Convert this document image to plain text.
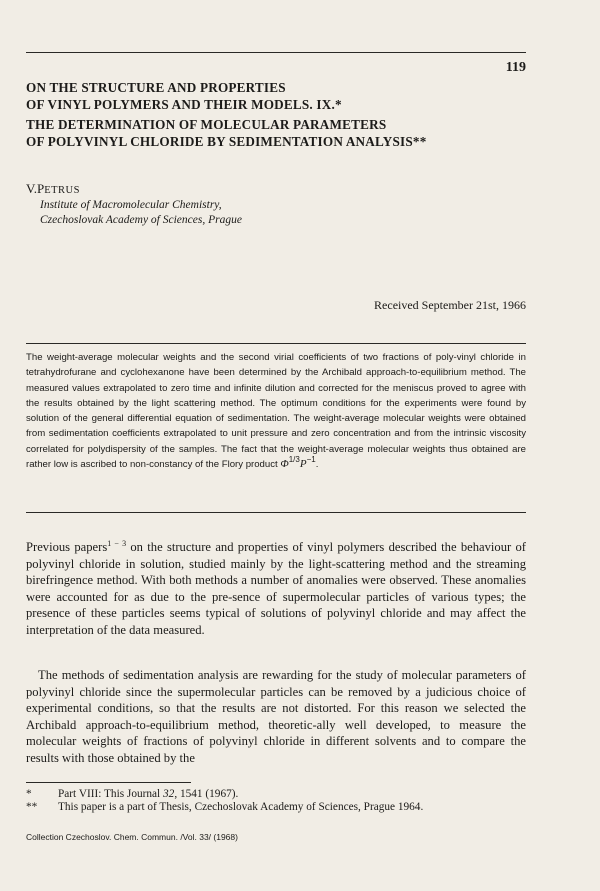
119
ON THE STRUCTURE AND PROPERTIES
OF VINYL POLYMERS AND THEIR MODELS. IX.*
THE DETERMINATION OF MOLECULAR PARAMETERS
OF POLYVINYL CHLORIDE BY SEDIMENTATION ANALYSIS**
V.PETRUS
Institute of Macromolecular Chemistry,
Czechoslovak Academy of Sciences, Prague
Received September 21st, 1966

The weight-average molecular weights and the second virial coefficients of two fractions of poly-vinyl chloride in tetrahydrofurane and cyclohexanone have been determined by the Archibald approach-to-equilibrium method. The measured values extrapolated to zero time and infinite dilution and corrected for the meniscus proved to agree with the results obtained by the light scattering method. The optimum conditions for the experiments were found by solution of the general differential equation of sedimentation. The weight-average molecular weights were obtained from sedimentation coefficients extrapolated to unit pressure and zero concentration and from the intrinsic viscosity correlated for polydispersity of the samples. The fact that the weight-average molecular weights thus obtained are rather low is ascribed to non-constancy of the Flory product $\Phi^{1/3}P^{-1}$.

Previous papers$^{1 - 3}$ on the structure and properties of vinyl polymers described the behaviour of polyvinyl chloride in solution, studied mainly by the light-scattering method and the streaming birefringence method. With both methods a number of anomalies were observed. These anomalies were accounted for as due to the pre-sence of supermolecular particles of various types; the presence of these particles seems typical of solutions of polyvinyl chloride and may affect the interpretation of the data measured.

The methods of sedimentation analysis are rewarding for the study of molecular parameters of polyvinyl chloride since the supermolecular particles can be removed by a judicious choice of experimental conditions, so that the results are not distorted. For this reason we selected the Archibald approach-to-equilibrium method, theoretic-ally well developed, to measure the molecular weights of fractions of polyvinyl chloride in different solvents and to compare the results with those obtained by the

* Part VIII: This Journal 32, 1541 (1967).
** This paper is a part of Thesis, Czechoslovak Academy of Sciences, Prague 1964.
Collection Czechoslov. Chem. Commun. /Vol. 33/ (1968)
